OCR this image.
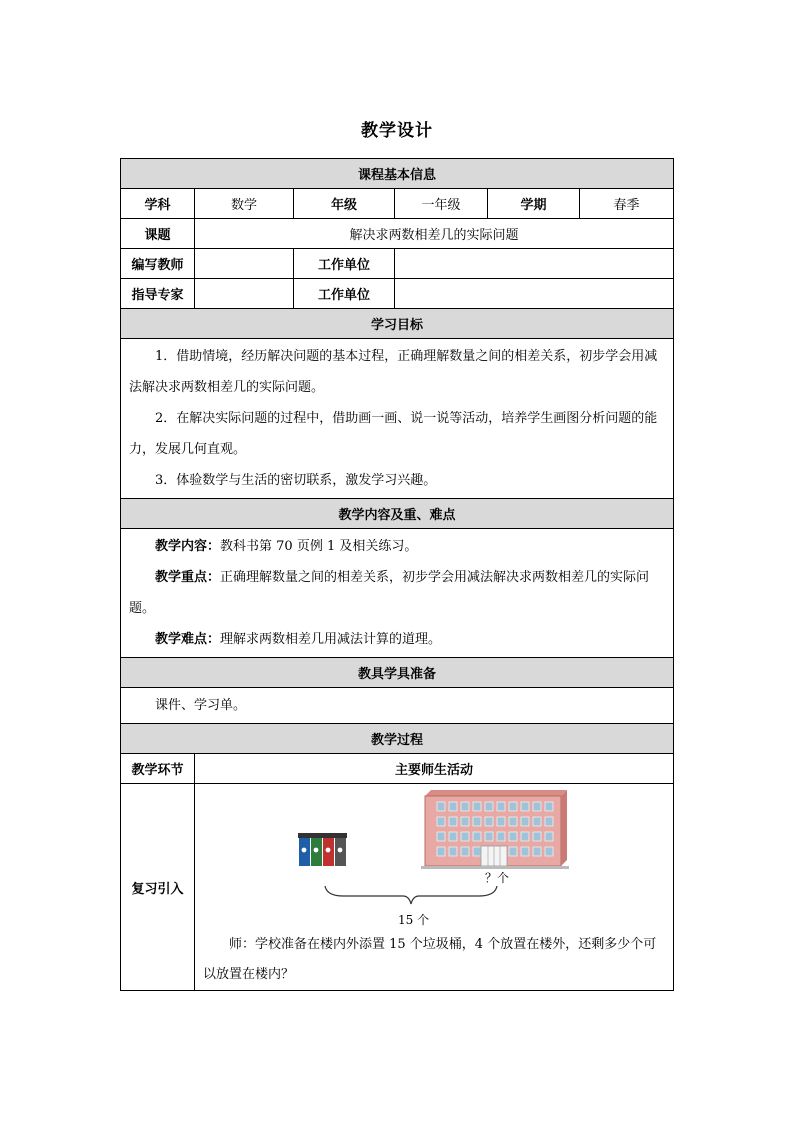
教学设计
课程基本信息					
学科	数学	年级	一年级	学期	春季
课题	解决求两数相差几的实际问题				
编写教师		工作单位			
指导专家		工作单位			
学习目标					

1．借助情境，经历解决问题的基本过程，正确理解数量之间的相差关系，初步学会用减法解决求两数相差几的实际问题。

2．在解决实际问题的过程中，借助画一画、说一说等活动，培养学生画图分析问题的能力，发展几何直观。

3．体验数学与生活的密切联系，激发学习兴趣。					

教学内容及重、难点					

教学内容：教科书第 70 页例 1 及相关练习。

教学重点：正确理解数量之间的相差关系，初步学会用减法解决求两数相差几的实际问题。

教学难点：理解求两数相差几用减法计算的道理。					

教具学具准备					

课件、学习单。					

教学过程					
教学环节	主要师生活动				
复习引入	？个
15 个

师：学校准备在楼内外添置 15 个垃圾桶，4 个放置在楼外，还剩多少个可以放置在楼内？				
